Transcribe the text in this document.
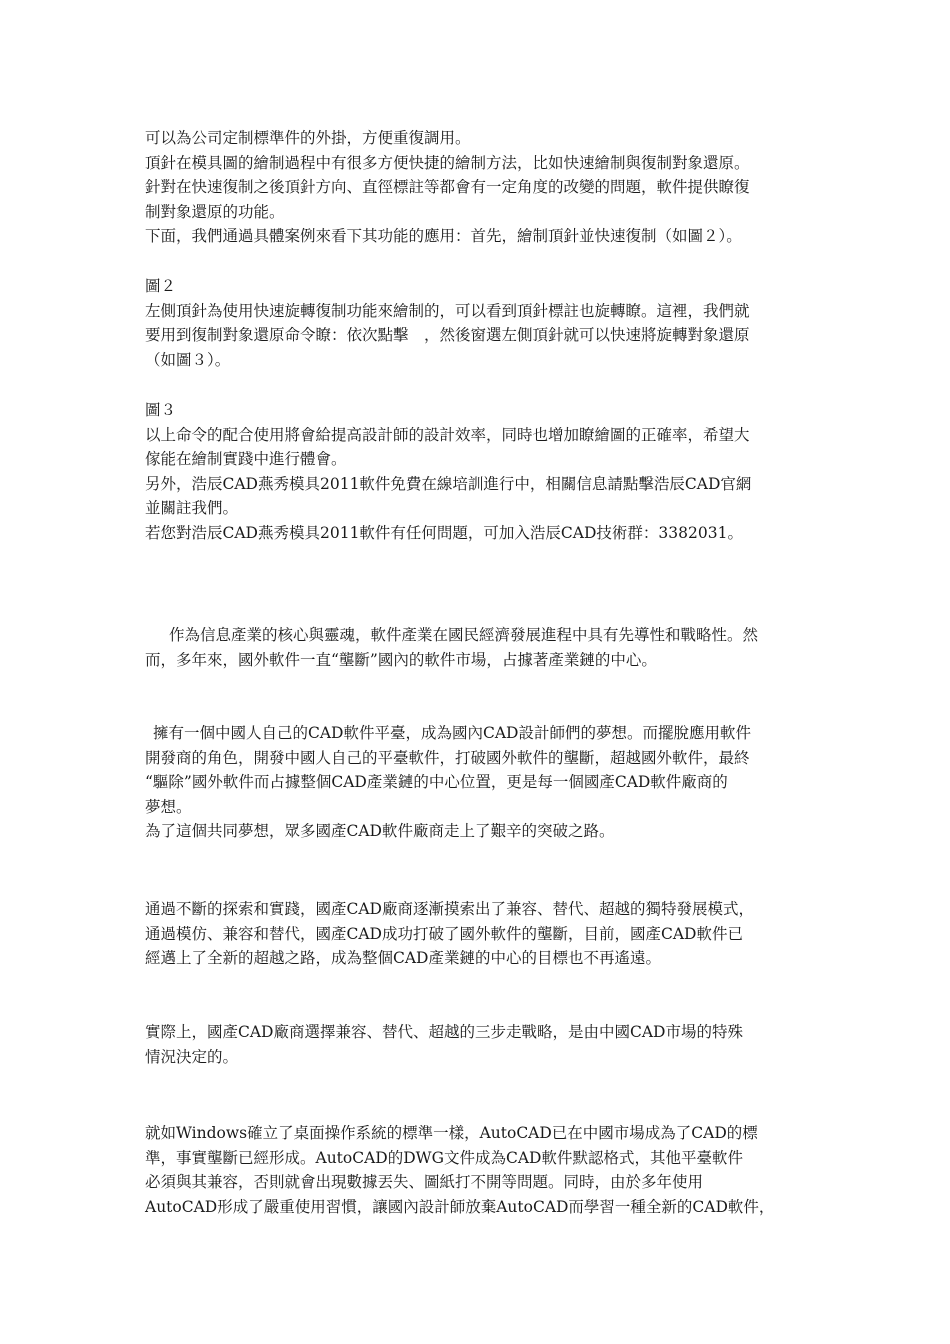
可以為公司定制標準件的外掛，方便重復調用。
頂針在模具圖的繪制過程中有很多方便快捷的繪制方法，比如快速繪制與復制對象還原。
針對在快速復制之後頂針方向、直徑標註等都會有一定角度的改變的問題，軟件提供瞭復
制對象還原的功能。
下面，我們通過具體案例來看下其功能的應用：首先，繪制頂針並快速復制（如圖２）。
圖２
左側頂針為使用快速旋轉復制功能來繪制的，可以看到頂針標註也旋轉瞭。這裡，我們就
要用到復制對象還原命令瞭：依次點擊　，然後窗選左側頂針就可以快速將旋轉對象還原
（如圖３）。
圖３
以上命令的配合使用將會給提高設計師的設計效率，同時也增加瞭繪圖的正確率，希望大
傢能在繪制實踐中進行體會。
另外，浩辰CAD燕秀模具2011軟件免費在線培訓進行中，相關信息請點擊浩辰CAD官網
並關註我們。
若您對浩辰CAD燕秀模具2011軟件有任何問題，可加入浩辰CAD技術群：3382031。
作為信息產業的核心與靈魂，軟件產業在國民經濟發展進程中具有先導性和戰略性。然
而，多年來，國外軟件一直“壟斷”國內的軟件市場，占據著產業鏈的中心。
擁有一個中國人自己的CAD軟件平臺，成為國內CAD設計師們的夢想。而擺脫應用軟件
開發商的角色，開發中國人自己的平臺軟件，打破國外軟件的壟斷，超越國外軟件，最終
“驅除”國外軟件而占據整個CAD產業鏈的中心位置，更是每一個國產CAD軟件廠商的
夢想。
為了這個共同夢想，眾多國產CAD軟件廠商走上了艱辛的突破之路。
通過不斷的探索和實踐，國產CAD廠商逐漸摸索出了兼容、替代、超越的獨特發展模式，
通過模仿、兼容和替代，國產CAD成功打破了國外軟件的壟斷，目前，國產CAD軟件已
經邁上了全新的超越之路，成為整個CAD產業鏈的中心的目標也不再遙遠。
實際上，國產CAD廠商選擇兼容、替代、超越的三步走戰略，是由中國CAD市場的特殊
情況決定的。
就如Windows確立了桌面操作系統的標準一樣，AutoCAD已在中國市場成為了CAD的標
準，事實壟斷已經形成。AutoCAD的DWG文件成為CAD軟件默認格式，其他平臺軟件
必須與其兼容，否則就會出現數據丟失、圖紙打不開等問題。同時，由於多年使用
AutoCAD形成了嚴重使用習慣，讓國內設計師放棄AutoCAD而學習一種全新的CAD軟件，
